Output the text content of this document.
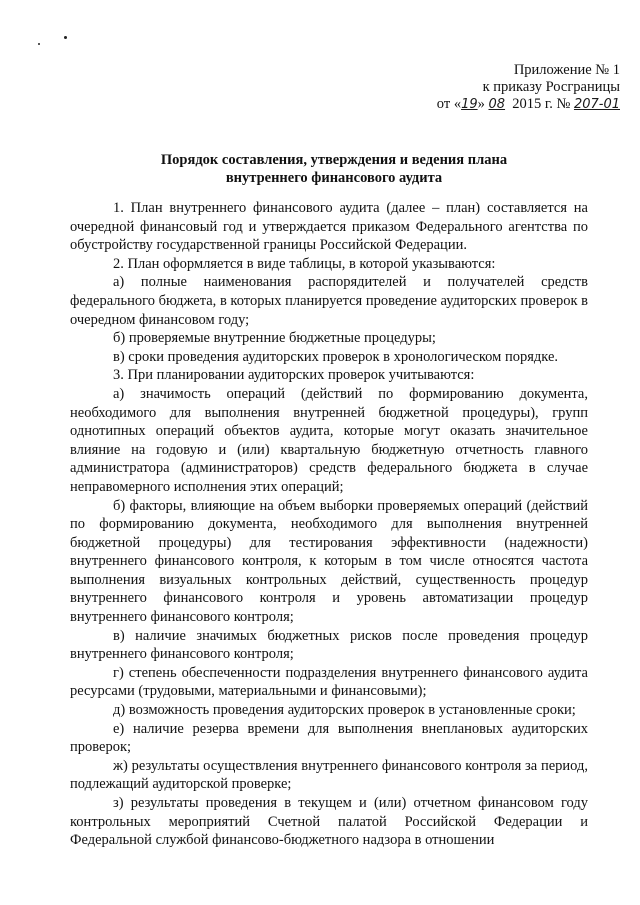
Приложение № 1
к приказу Росграницы
от «19» 08 2015 г. № 207-01
Порядок составления, утверждения и ведения плана
внутреннего финансового аудита

1. План внутреннего финансового аудита (далее – план) составляется на очередной финансовый год и утверждается приказом Федерального агентства по обустройству государственной границы Российской Федерации.

2. План оформляется в виде таблицы, в которой указываются:

а) полные наименования распорядителей и получателей средств федерального бюджета, в которых планируется проведение аудиторских проверок в очередном финансовом году;

б) проверяемые внутренние бюджетные процедуры;

в) сроки проведения аудиторских проверок в хронологическом порядке.

3. При планировании аудиторских проверок учитываются:

а) значимость операций (действий по формированию документа, необходимого для выполнения внутренней бюджетной процедуры), групп однотипных операций объектов аудита, которые могут оказать значительное влияние на годовую и (или) квартальную бюджетную отчетность главного администратора (администраторов) средств федерального бюджета в случае неправомерного исполнения этих операций;

б) факторы, влияющие на объем выборки проверяемых операций (действий по формированию документа, необходимого для выполнения внутренней бюджетной процедуры) для тестирования эффективности (надежности) внутреннего финансового контроля, к которым в том числе относятся частота выполнения визуальных контрольных действий, существенность процедур внутреннего финансового контроля и уровень автоматизации процедур внутреннего финансового контроля;

в) наличие значимых бюджетных рисков после проведения процедур внутреннего финансового контроля;

г) степень обеспеченности подразделения внутреннего финансового аудита ресурсами (трудовыми, материальными и финансовыми);

д) возможность проведения аудиторских проверок в установленные сроки;

е) наличие резерва времени для выполнения внеплановых аудиторских проверок;

ж) результаты осуществления внутреннего финансового контроля за период, подлежащий аудиторской проверке;

з) результаты проведения в текущем и (или) отчетном финансовом году контрольных мероприятий Счетной палатой Российской Федерации и Федеральной службой финансово-бюджетного надзора в отношении
